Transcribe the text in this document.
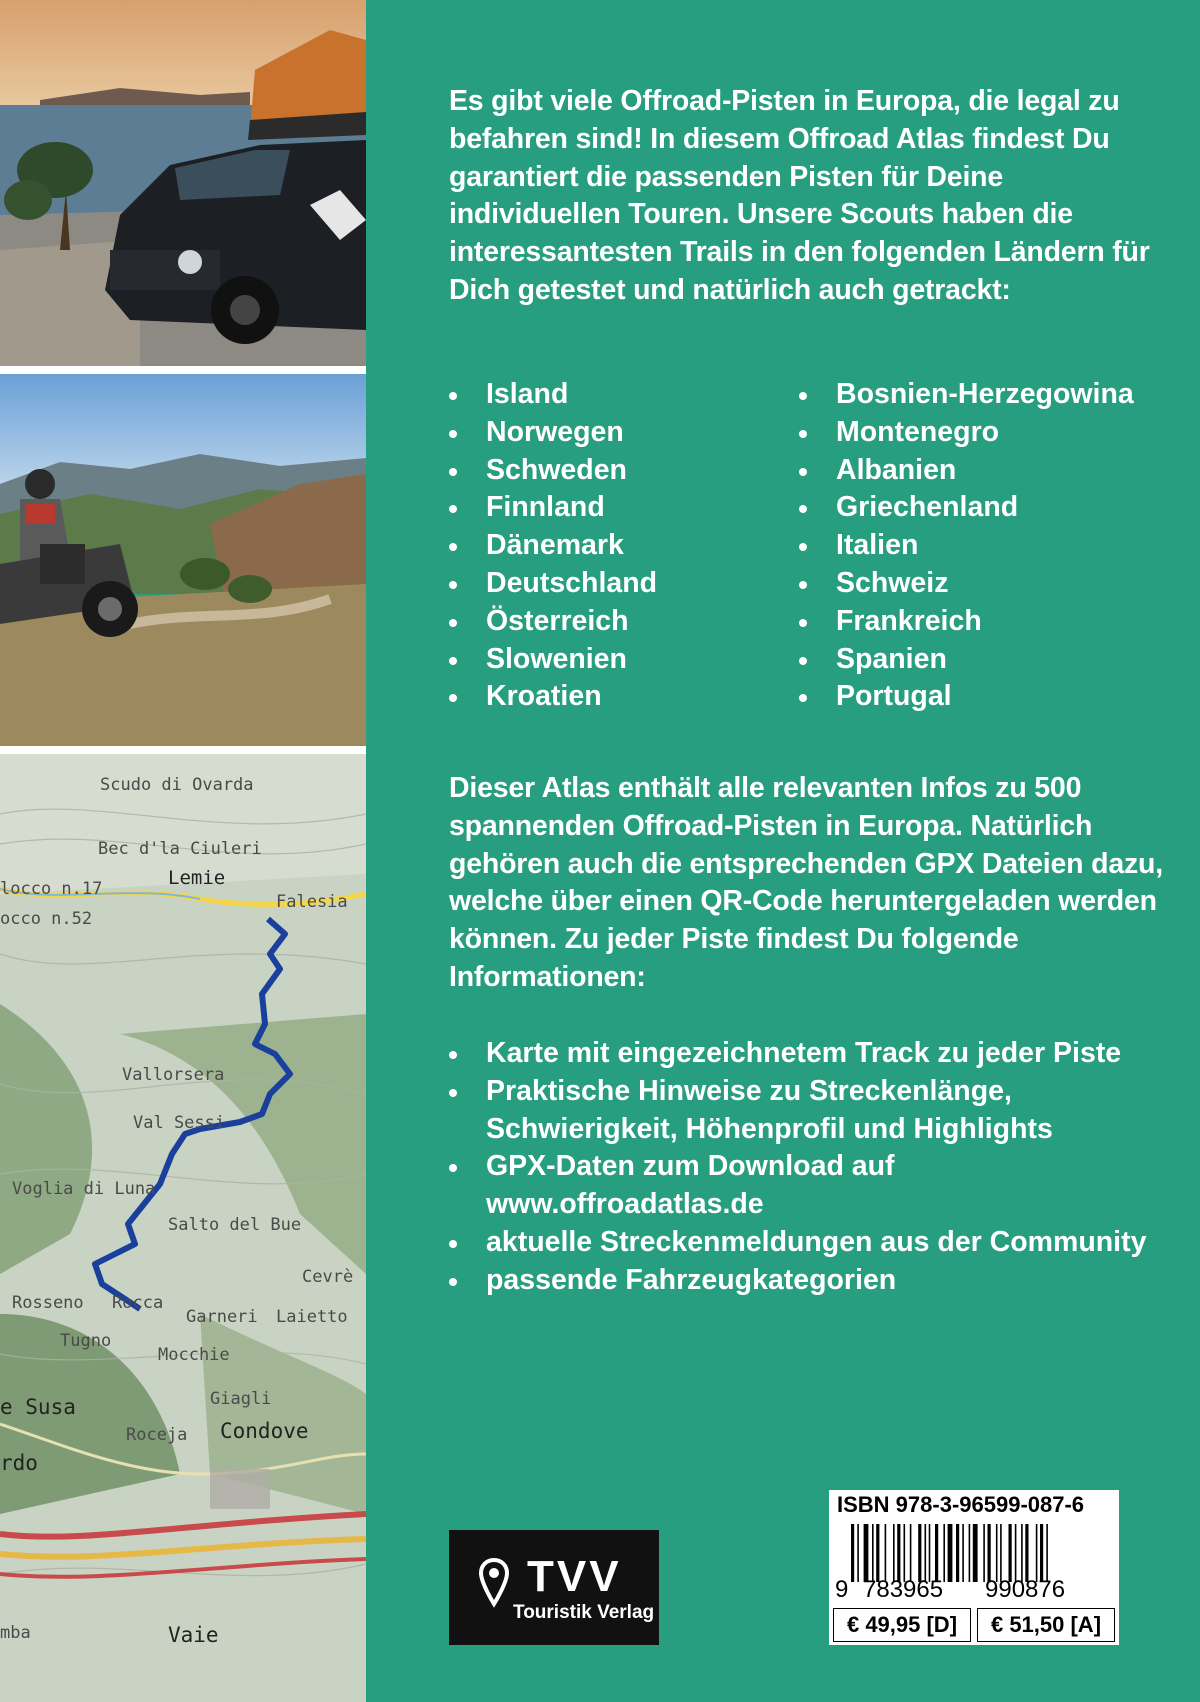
Scudo di Ovarda
Bec d'la Ciuleri
Lemie
locco n.17
occo n.52
Falesia
Vallorsera
Val Sessi
Voglia di Luna
Salto del Bue
Cevrè
Rosseno Rocca
Garneri Laietto
Tugno
Mocchie
Giagli
e Susa
Roceja Condove
rdo
mba	Vaie

Es gibt viele Offroad-Pisten in Europa, die legal zu befahren sind! In diesem Offroad Atlas findest Du garantiert die passenden Pisten für Deine individuellen Touren. Unsere Scouts haben die interessantesten Trails in den folgenden Ländern für Dich getestet und natürlich auch getrackt:

Island
Norwegen
Schweden
Finnland
Dänemark
Deutschland
Österreich
Slowenien
Kroatien
Bosnien-Herzegowina
Montenegro
Albanien
Griechenland
Italien
Schweiz
Frankreich
Spanien
Portugal

Dieser Atlas enthält alle relevanten Infos zu 500 spannenden Offroad-Pisten in Europa. Natürlich gehören auch die entsprechenden GPX Dateien dazu, welche über einen QR-Code heruntergeladen werden können. Zu jeder Piste findest Du folgende Informationen:

Karte mit eingezeichnetem Track zu jeder Piste
Praktische Hinweise zu Streckenlänge, Schwierigkeit, Höhenprofil und Highlights
GPX-Daten zum Download auf www.offroadatlas.de
aktuelle Streckenmeldungen aus der Community
passende Fahrzeugkategorien
TVV
Touristik Verlag
ISBN 978-3-96599-087-6
9 783965	990876
€ 49,95 [D]	€ 51,50 [A]
